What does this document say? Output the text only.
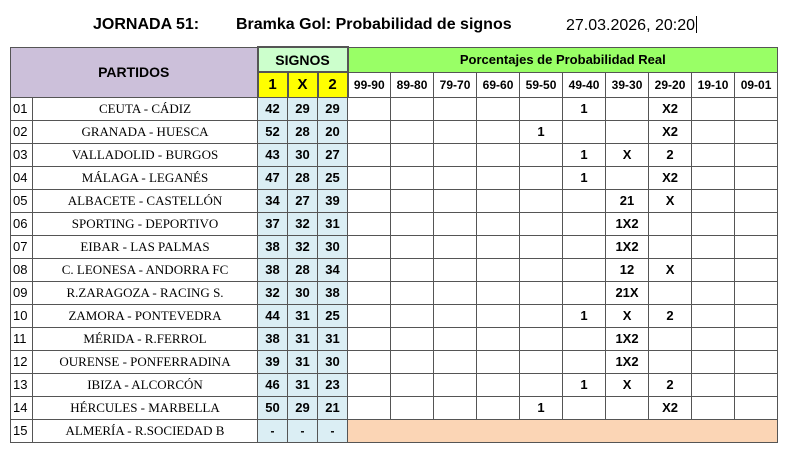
JORNADA 51: Bramka Gol: Probabilidad de signos	27.03.2026, 20:20
PARTIDOS		SIGNOS			Porcentajes de Probabilidad Real									
		1	X	2	99-90	89-80	79-70	69-60	59-50	49-40	39-30	29-20	19-10	09-01
01	CEUTA - CÁDIZ	42	29	29						1		X2		
02	GRANADA - HUESCA	52	28	20					1			X2		
03	VALLADOLID - BURGOS	43	30	27						1	X	2		
04	MÁLAGA - LEGANÉS	47	28	25						1		X2		
05	ALBACETE - CASTELLÓN	34	27	39							21	X		
06	SPORTING - DEPORTIVO	37	32	31							1X2			
07	EIBAR - LAS PALMAS	38	32	30							1X2			
08	C. LEONESA - ANDORRA FC	38	28	34							12	X		
09	R.ZARAGOZA - RACING S.	32	30	38							21X			
10	ZAMORA - PONTEVEDRA	44	31	25						1	X	2		
11	MÉRIDA - R.FERROL	38	31	31							1X2			
12	OURENSE - PONFERRADINA	39	31	30							1X2			
13	IBIZA - ALCORCÓN	46	31	23						1	X	2		
14	HÉRCULES - MARBELLA	50	29	21					1			X2		
15	ALMERÍA - R.SOCIEDAD B	-	-	-										
